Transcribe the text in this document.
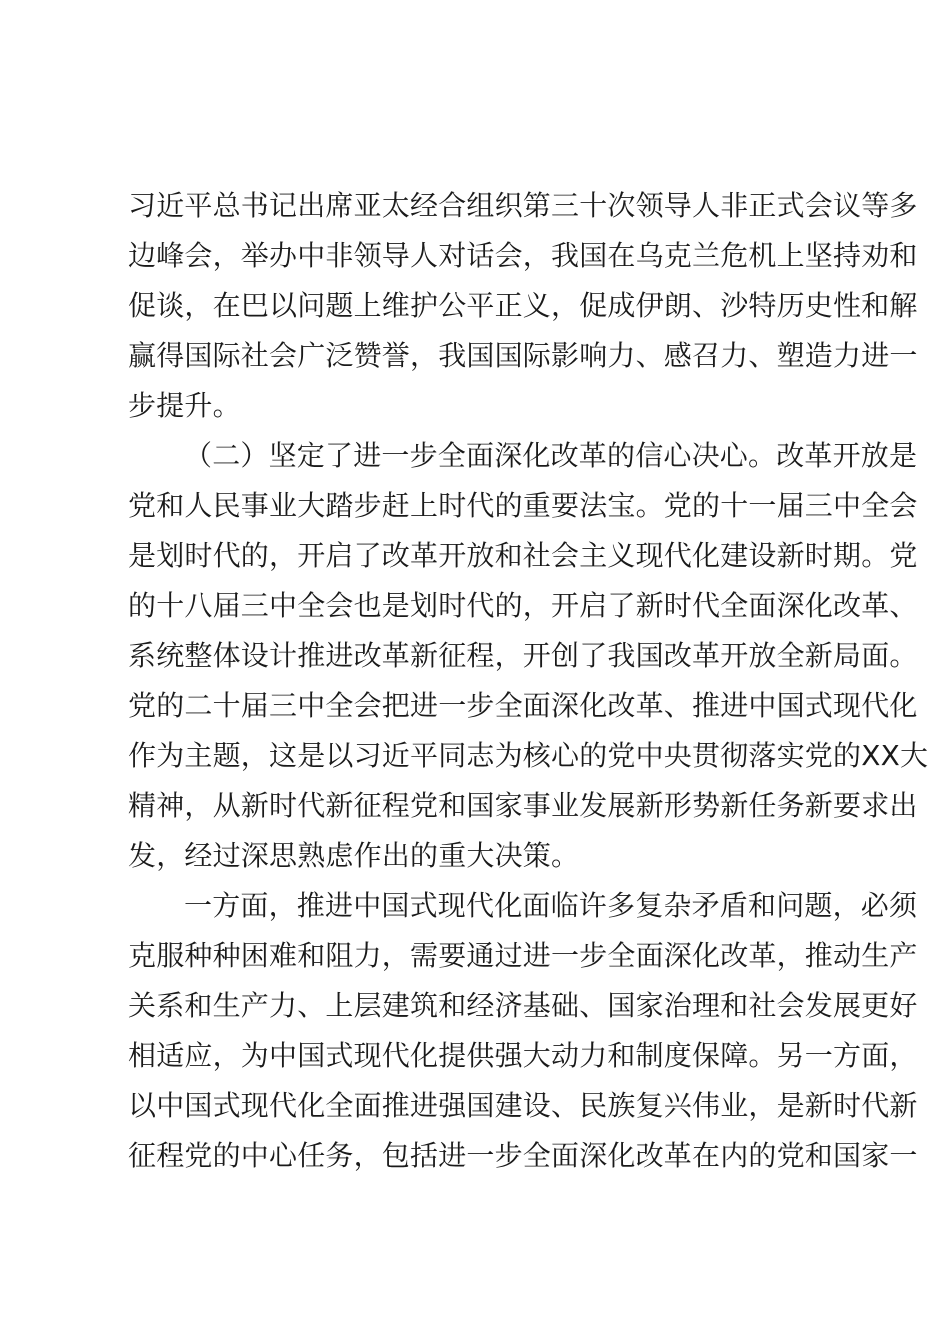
习近平总书记出席亚太经合组织第三十次领导人非正式会议等多
边峰会，举办中非领导人对话会，我国在乌克兰危机上坚持劝和
促谈，在巴以问题上维护公平正义，促成伊朗、沙特历史性和解
赢得国际社会广泛赞誉，我国国际影响力、感召力、塑造力进一
步提升。
（二）坚定了进一步全面深化改革的信心决心。改革开放是
党和人民事业大踏步赶上时代的重要法宝。党的十一届三中全会
是划时代的，开启了改革开放和社会主义现代化建设新时期。党
的十八届三中全会也是划时代的，开启了新时代全面深化改革、
系统整体设计推进改革新征程，开创了我国改革开放全新局面。
党的二十届三中全会把进一步全面深化改革、推进中国式现代化
作为主题，这是以习近平同志为核心的党中央贯彻落实党的XX大
精神，从新时代新征程党和国家事业发展新形势新任务新要求出
发，经过深思熟虑作出的重大决策。
一方面，推进中国式现代化面临许多复杂矛盾和问题，必须
克服种种困难和阻力，需要通过进一步全面深化改革，推动生产
关系和生产力、上层建筑和经济基础、国家治理和社会发展更好
相适应，为中国式现代化提供强大动力和制度保障。另一方面，
以中国式现代化全面推进强国建设、民族复兴伟业，是新时代新
征程党的中心任务，包括进一步全面深化改革在内的党和国家一
